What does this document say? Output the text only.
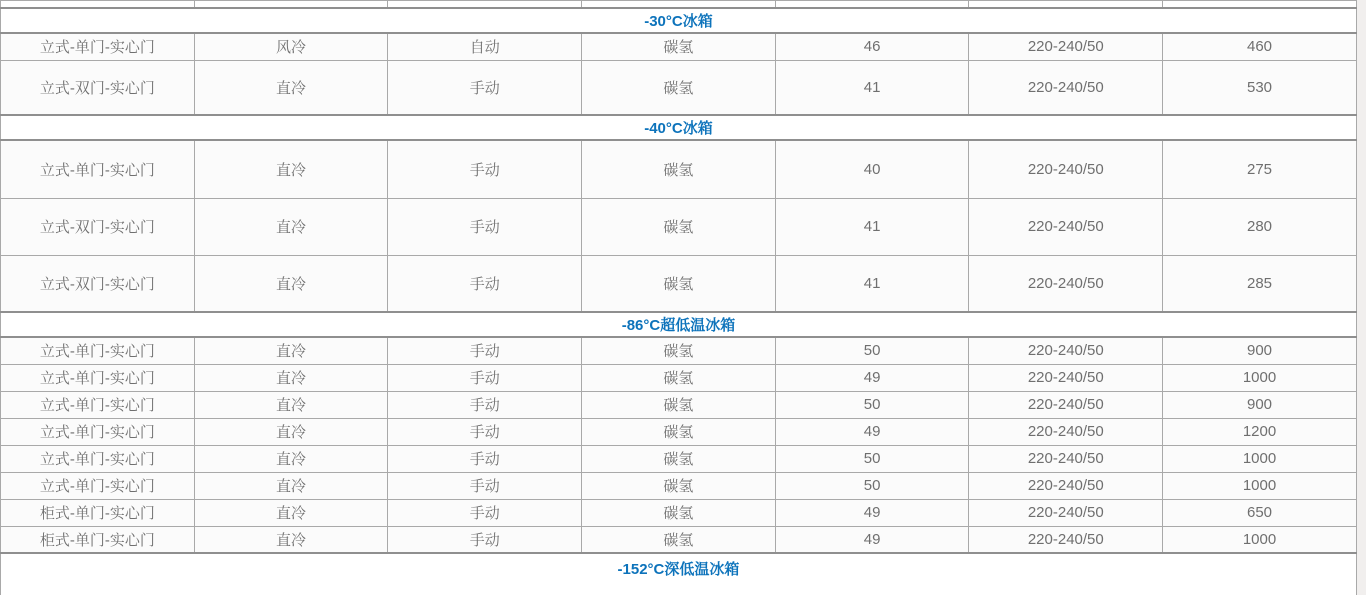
-30°C冰箱						
立式-单门-实心门	风冷	自动	碳氢	46	220-240/50	460
立式-双门-实心门	直冷	手动	碳氢	41	220-240/50	530
-40°C冰箱						
立式-单门-实心门	直冷	手动	碳氢	40	220-240/50	275
立式-双门-实心门	直冷	手动	碳氢	41	220-240/50	280
立式-双门-实心门	直冷	手动	碳氢	41	220-240/50	285
-86°C超低温冰箱						
立式-单门-实心门	直冷	手动	碳氢	50	220-240/50	900
立式-单门-实心门	直冷	手动	碳氢	49	220-240/50	1000
立式-单门-实心门	直冷	手动	碳氢	50	220-240/50	900
立式-单门-实心门	直冷	手动	碳氢	49	220-240/50	1200
立式-单门-实心门	直冷	手动	碳氢	50	220-240/50	1000
立式-单门-实心门	直冷	手动	碳氢	50	220-240/50	1000
柜式-单门-实心门	直冷	手动	碳氢	49	220-240/50	650
柜式-单门-实心门	直冷	手动	碳氢	49	220-240/50	1000
-152°C深低温冰箱						
